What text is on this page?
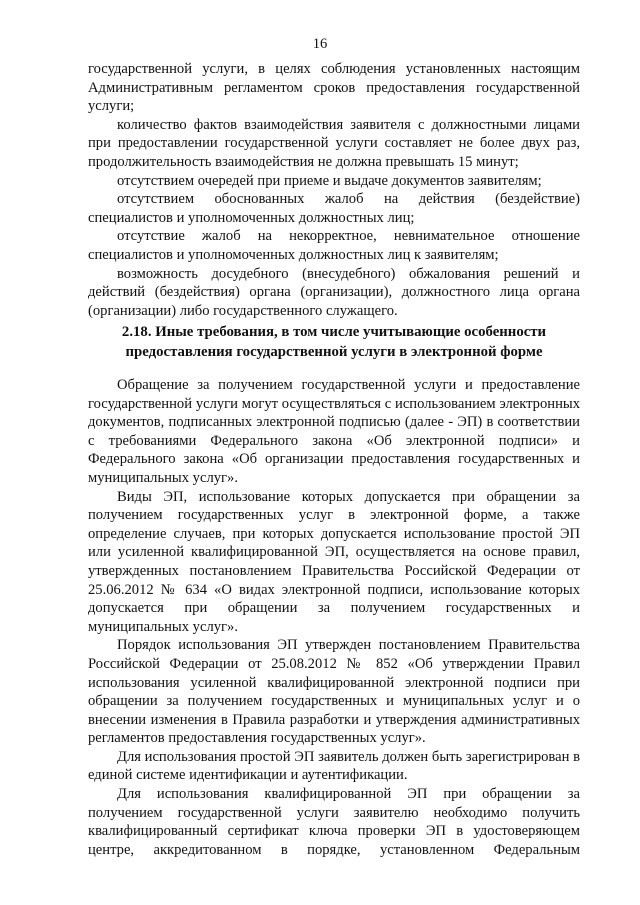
16

государственной услуги, в целях соблюдения установленных настоящим Административным регламентом сроков предоставления государственной услуги;

количество фактов взаимодействия заявителя с должностными лицами при предоставлении государственной услуги составляет не более двух раз, продолжительность взаимодействия не должна превышать 15 минут;

отсутствием очередей при приеме и выдаче документов заявителям;

отсутствием обоснованных жалоб на действия (бездействие) специалистов и уполномоченных должностных лиц;

отсутствие жалоб на некорректное, невнимательное отношение специалистов и уполномоченных должностных лиц к заявителям;

возможность досудебного (внесудебного) обжалования решений и действий (бездействия) органа (организации), должностного лица органа (организации) либо государственного служащего.

2.18. Иные требования, в том числе учитывающие особенности
предоставления государственной услуги в электронной форме

Обращение за получением государственной услуги и предоставление государственной услуги могут осуществляться с использованием электронных документов, подписанных электронной подписью (далее - ЭП) в соответствии с требованиями Федерального закона «Об электронной подписи» и Федерального закона «Об организации предоставления государственных и муниципальных услуг».

Виды ЭП, использование которых допускается при обращении за получением государственных услуг в электронной форме, а также определение случаев, при которых допускается использование простой ЭП или усиленной квалифицированной ЭП, осуществляется на основе правил, утвержденных постановлением Правительства Российской Федерации от 25.06.2012 № 634 «О видах электронной подписи, использование которых допускается при обращении за получением государственных и муниципальных услуг».

Порядок использования ЭП утвержден постановлением Правительства Российской Федерации от 25.08.2012 № 852 «Об утверждении Правил использования усиленной квалифицированной электронной подписи при обращении за получением государственных и муниципальных услуг и о внесении изменения в Правила разработки и утверждения административных регламентов предоставления государственных услуг».

Для использования простой ЭП заявитель должен быть зарегистрирован в единой системе идентификации и аутентификации.

Для использования квалифицированной ЭП при обращении за получением государственной услуги заявителю необходимо получить квалифицированный сертификат ключа проверки ЭП в удостоверяющем центре, аккредитованном в порядке, установленном Федеральным
